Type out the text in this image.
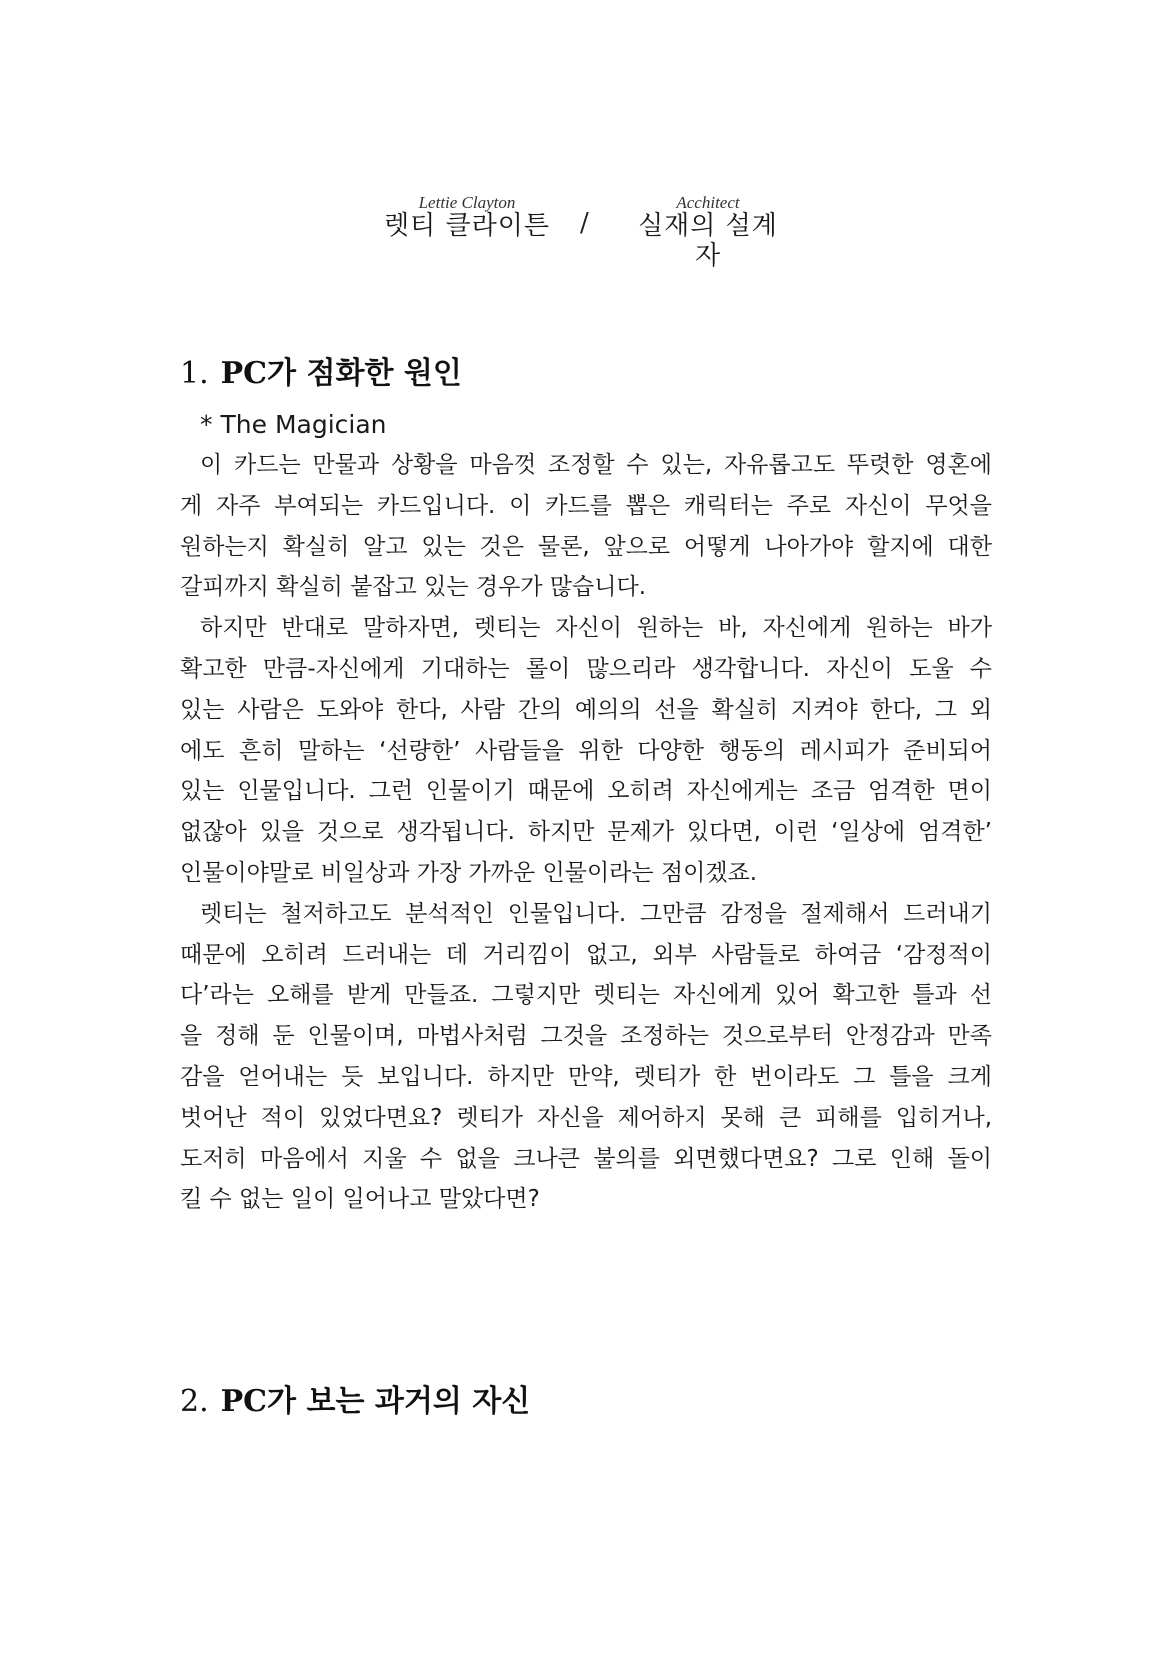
Lettie Clayton
렛티 클라이튼 /
Acchitect
실재의 설계자
1. PC가 점화한 원인
* The Magician
이 카드는 만물과 상황을 마음껏 조정할 수 있는, 자유롭고도 뚜렷한 영혼에
게 자주 부여되는 카드입니다. 이 카드를 뽑은 캐릭터는 주로 자신이 무엇을
원하는지 확실히 알고 있는 것은 물론, 앞으로 어떻게 나아가야 할지에 대한
갈피까지 확실히 붙잡고 있는 경우가 많습니다.
하지만 반대로 말하자면, 렛티는 자신이 원하는 바, 자신에게 원하는 바가
확고한 만큼-자신에게 기대하는 롤이 많으리라 생각합니다. 자신이 도울 수
있는 사람은 도와야 한다, 사람 간의 예의의 선을 확실히 지켜야 한다, 그 외
에도 흔히 말하는 ‘선량한’ 사람들을 위한 다양한 행동의 레시피가 준비되어
있는 인물입니다. 그런 인물이기 때문에 오히려 자신에게는 조금 엄격한 면이
없잖아 있을 것으로 생각됩니다. 하지만 문제가 있다면, 이런 ‘일상에 엄격한’
인물이야말로 비일상과 가장 가까운 인물이라는 점이겠죠.
렛티는 철저하고도 분석적인 인물입니다. 그만큼 감정을 절제해서 드러내기
때문에 오히려 드러내는 데 거리낌이 없고, 외부 사람들로 하여금 ‘감정적이
다’라는 오해를 받게 만들죠. 그렇지만 렛티는 자신에게 있어 확고한 틀과 선
을 정해 둔 인물이며, 마법사처럼 그것을 조정하는 것으로부터 안정감과 만족
감을 얻어내는 듯 보입니다. 하지만 만약, 렛티가 한 번이라도 그 틀을 크게
벗어난 적이 있었다면요? 렛티가 자신을 제어하지 못해 큰 피해를 입히거나,
도저히 마음에서 지울 수 없을 크나큰 불의를 외면했다면요? 그로 인해 돌이
킬 수 없는 일이 일어나고 말았다면?
2. PC가 보는 과거의 자신
